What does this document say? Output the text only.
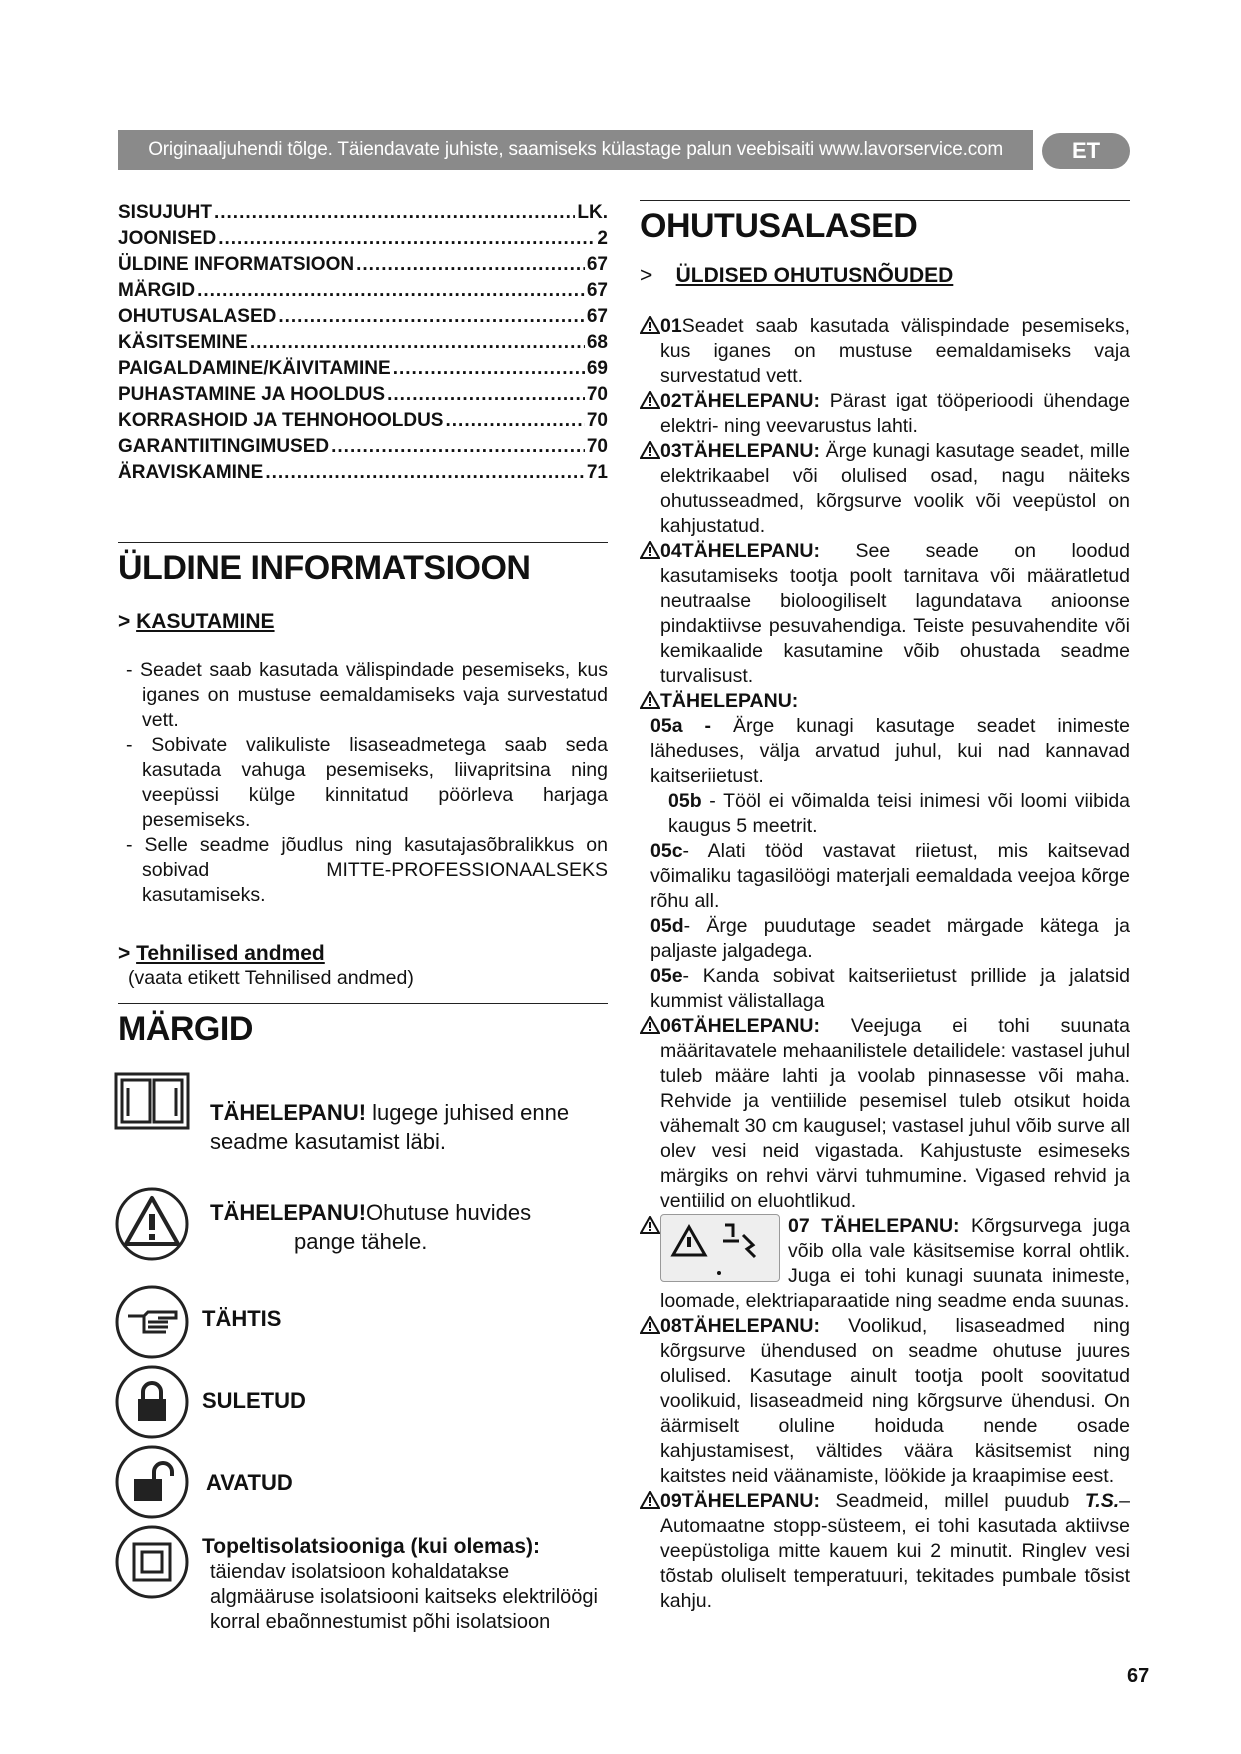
Originaaljuhendi tõlge. Täiendavate juhiste, saamiseks külastage palun veebisaiti www.lavorservice.com	ET
SISUJUHT .....	LK.
JOONISED .....	2
ÜLDINE INFORMATSIOON .....	67
MÄRGID .....	67
OHUTUSALASED .....	67
KÄSITSEMINE .....	68
PAIGALDAMINE/KÄIVITAMINE .....	69
PUHASTAMINE JA HOOLDUS .....	70
KORRASHOID JA TEHNOHOOLDUS .....	70
GARANTIITINGIMUSED .....	70
ÄRAVISKAMINE .....	71
ÜLDINE INFORMATSIOON

> KASUTAMINE

- Seadet saab kasutada välispindade pesemiseks, kus iganes on mustuse eemaldamiseks vaja survestatud vett.
- Sobivate valikuliste lisaseadmetega saab seda kasutada vahuga pesemiseks, liivapritsina ning veepüssi külge kinnitatud pöörleva harjaga pesemiseks.
- Selle seadme jõudlus ning kasutajasõbralikkus on sobivad MITTE-PROFESSIONAALSEKS kasutamiseks.

> Tehnilised andmed

(vaata etikett Tehnilised andmed)
MÄRGID
TÄHELEPANU! lugege juhised enne seadme kasutamist läbi.
TÄHELEPANU!Ohutuse huvides
pange tähele.
TÄHTIS
SULETUD
AVATUD
Topeltisolatsiooniga (kui olemas):

täiendav isolatsioon kohaldatakse algmääruse isolatsiooni kaitseks elektrilöögi korral ebaõnnestumist põhi isolatsioon
OHUTUSALASED

>    ÜLDISED OHUTUSNÕUDED

01Seadet saab kasutada välispindade pesemiseks, kus iganes on mustuse eemaldamiseks vaja survestatud vett.
02TÄHELEPANU: Pärast igat tööperioodi ühendage elektri- ning veevarustus lahti.
03TÄHELEPANU: Ärge kunagi kasutage seadet, mille elektrikaabel või olulised osad, nagu näiteks ohutusseadmed, kõrgsurve voolik või veepüstol on kahjustatud.
04TÄHELEPANU: See seade on loodud kasutamiseks tootja poolt tarnitava või määratletud neutraalse bioloogiliselt lagundatava anioonse pindaktiivse pesuvahendiga. Teiste pesuvahendite või kemikaalide kasutamine võib ohustada seadme turvalisust.
TÄHELEPANU:
05a - Ärge kunagi kasutage seadet inimeste läheduses, välja arvatud juhul, kui nad kannavad kaitseriietust.
05b - Tööl ei võimalda teisi inimesi või loomi viibida kaugus 5 meetrit.
05c- Alati tööd vastavat riietust, mis kaitsevad võimaliku tagasilöögi materjali eemaldada veejoa kõrge rõhu all.
05d- Ärge puudutage seadet märgade kätega ja paljaste jalgadega.
05e- Kanda sobivat kaitseriietust prillide ja jalatsid kummist välistallaga
06TÄHELEPANU: Veejuga ei tohi suunata määritavatele mehaanilistele detailidele: vastasel juhul tuleb määre lahti ja voolab pinnasesse või maha. Rehvide ja ventiilide pesemisel tuleb otsikut hoida vähemalt 30 cm kaugusel; vastasel juhul võib surve all olev vesi neid vigastada. Kahjustuste esimeseks märgiks on rehvi värvi tuhmumine. Vigased rehvid ja ventiilid on eluohtlikud.
07 TÄHELEPANU: Kõrgsurvega juga võib olla vale käsitsemise korral ohtlik. Juga ei tohi kunagi suunata inimeste, loomade, elektriaparaatide ning seadme enda suunas.
08TÄHELEPANU: Voolikud, lisaseadmed ning kõrgsurve ühendused on seadme ohutuse juures olulised. Kasutage ainult tootja poolt soovitatud voolikuid, lisaseadmeid ning kõrgsurve ühendusi. On äärmiselt oluline hoiduda nende osade kahjustamisest, vältides väära käsitsemist ning kaitstes neid väänamiste, löökide ja kraapimise eest.
09TÄHELEPANU: Seadmeid, millel puudub T.S.– Automaatne stopp-süsteem, ei tohi kasutada aktiivse veepüstoliga mitte kauem kui 2 minutit. Ringlev vesi tõstab oluliselt temperatuuri, tekitades pumbale tõsist kahju.
67
